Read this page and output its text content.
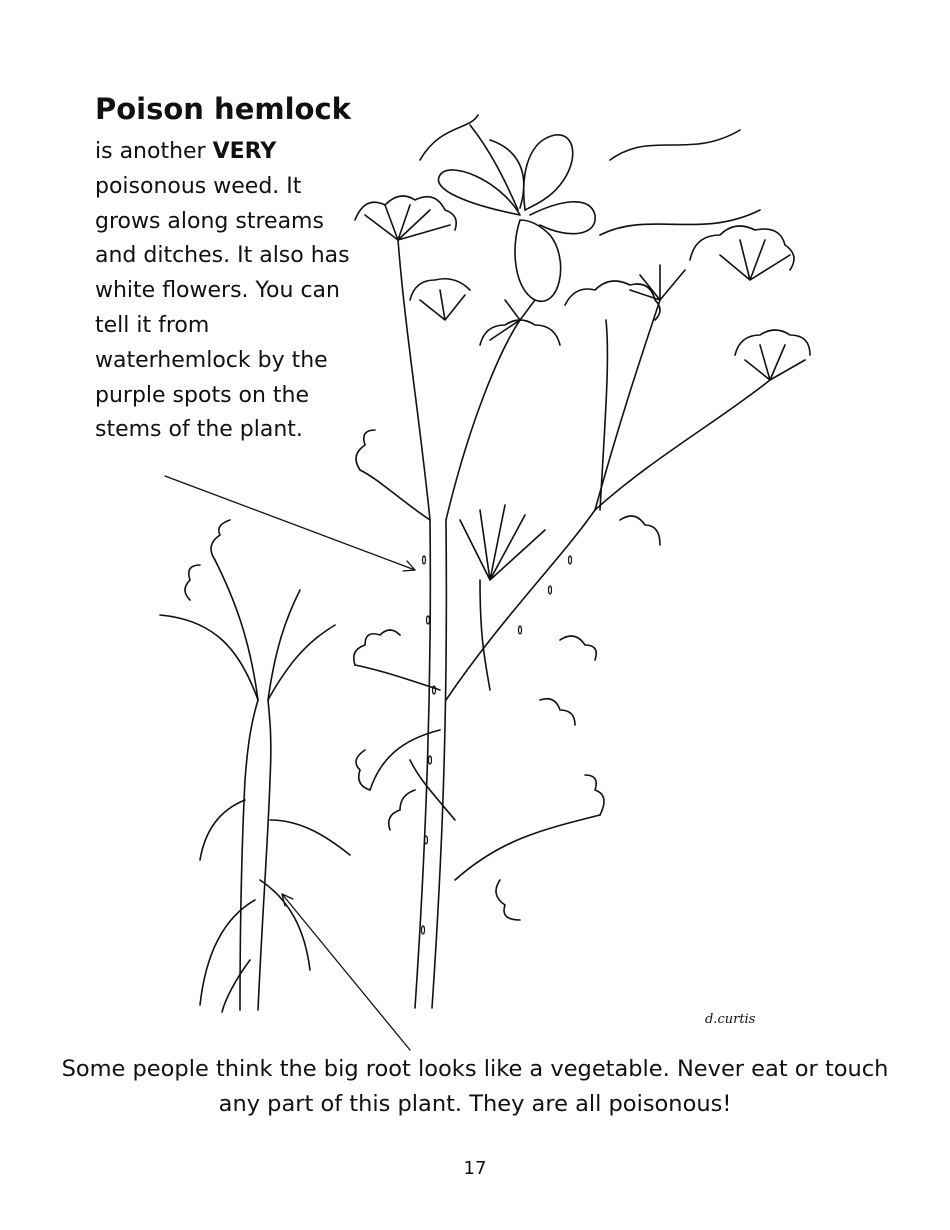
Poison hemlock

is another VERY poisonous weed. It grows along streams and ditches. It also has white flowers. You can tell it from waterhemlock by the purple spots on the stems of the plant.

d.curtis

Some people think the big root looks like a vegetable. Never eat or touch any part of this plant. They are all poisonous!

17
